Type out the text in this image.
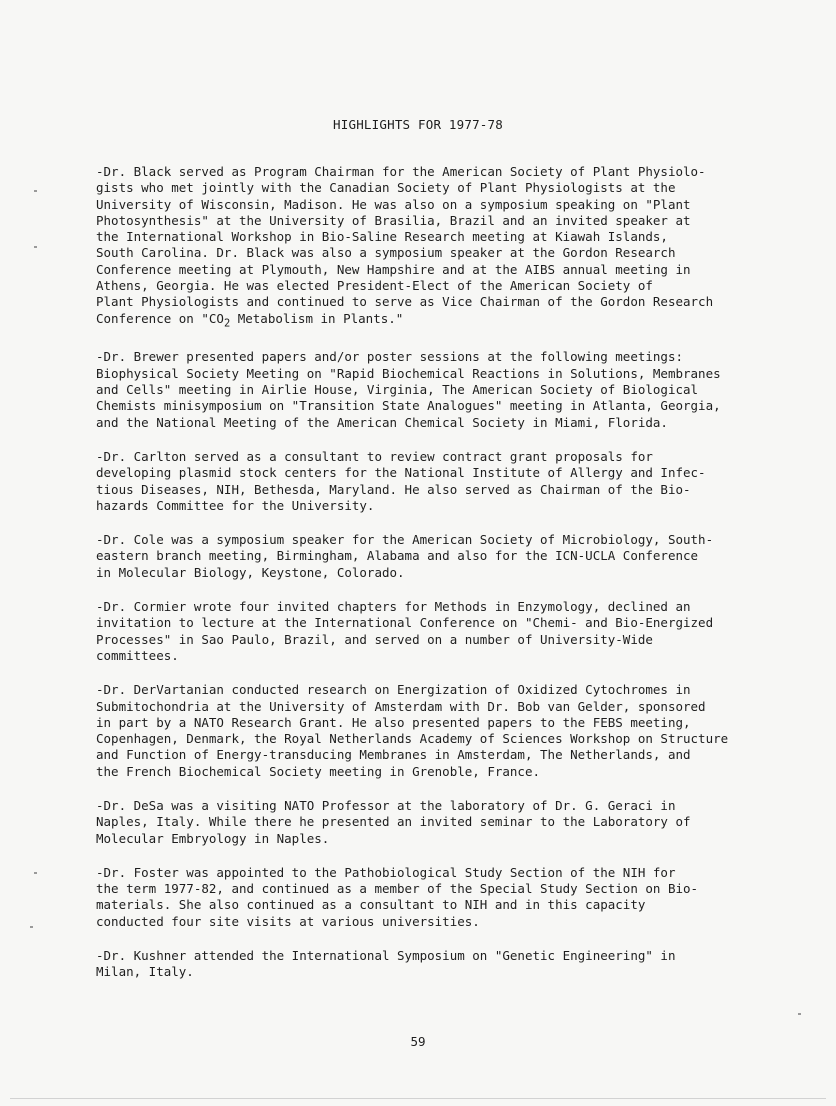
HIGHLIGHTS FOR 1977-78

-Dr. Black served as Program Chairman for the American Society of Plant Physiolo-
gists who met jointly with the Canadian Society of Plant Physiologists at the
University of Wisconsin, Madison. He was also on a symposium speaking on "Plant
Photosynthesis" at the University of Brasilia, Brazil and an invited speaker at
the International Workshop in Bio-Saline Research meeting at Kiawah Islands,
South Carolina. Dr. Black was also a symposium speaker at the Gordon Research
Conference meeting at Plymouth, New Hampshire and at the AIBS annual meeting in
Athens, Georgia. He was elected President-Elect of the American Society of
Plant Physiologists and continued to serve as Vice Chairman of the Gordon Research
Conference on "$CO_2$ Metabolism in Plants."

-Dr. Brewer presented papers and/or poster sessions at the following meetings:
Biophysical Society Meeting on "Rapid Biochemical Reactions in Solutions, Membranes
and Cells" meeting in Airlie House, Virginia, The American Society of Biological
Chemists minisymposium on "Transition State Analogues" meeting in Atlanta, Georgia,
and the National Meeting of the American Chemical Society in Miami, Florida.

-Dr. Carlton served as a consultant to review contract grant proposals for
developing plasmid stock centers for the National Institute of Allergy and Infec-
tious Diseases, NIH, Bethesda, Maryland. He also served as Chairman of the Bio-
hazards Committee for the University.

-Dr. Cole was a symposium speaker for the American Society of Microbiology, South-
eastern branch meeting, Birmingham, Alabama and also for the ICN-UCLA Conference
in Molecular Biology, Keystone, Colorado.

-Dr. Cormier wrote four invited chapters for Methods in Enzymology, declined an
invitation to lecture at the International Conference on "Chemi- and Bio-Energized
Processes" in Sao Paulo, Brazil, and served on a number of University-Wide
committees.

-Dr. DerVartanian conducted research on Energization of Oxidized Cytochromes in
Submitochondria at the University of Amsterdam with Dr. Bob van Gelder, sponsored
in part by a NATO Research Grant. He also presented papers to the FEBS meeting,
Copenhagen, Denmark, the Royal Netherlands Academy of Sciences Workshop on Structure
and Function of Energy-transducing Membranes in Amsterdam, The Netherlands, and
the French Biochemical Society meeting in Grenoble, France.

-Dr. DeSa was a visiting NATO Professor at the laboratory of Dr. G. Geraci in
Naples, Italy. While there he presented an invited seminar to the Laboratory of
Molecular Embryology in Naples.

-Dr. Foster was appointed to the Pathobiological Study Section of the NIH for
the term 1977-82, and continued as a member of the Special Study Section on Bio-
materials. She also continued as a consultant to NIH and in this capacity
conducted four site visits at various universities.

-Dr. Kushner attended the International Symposium on "Genetic Engineering" in
Milan, Italy.

59
